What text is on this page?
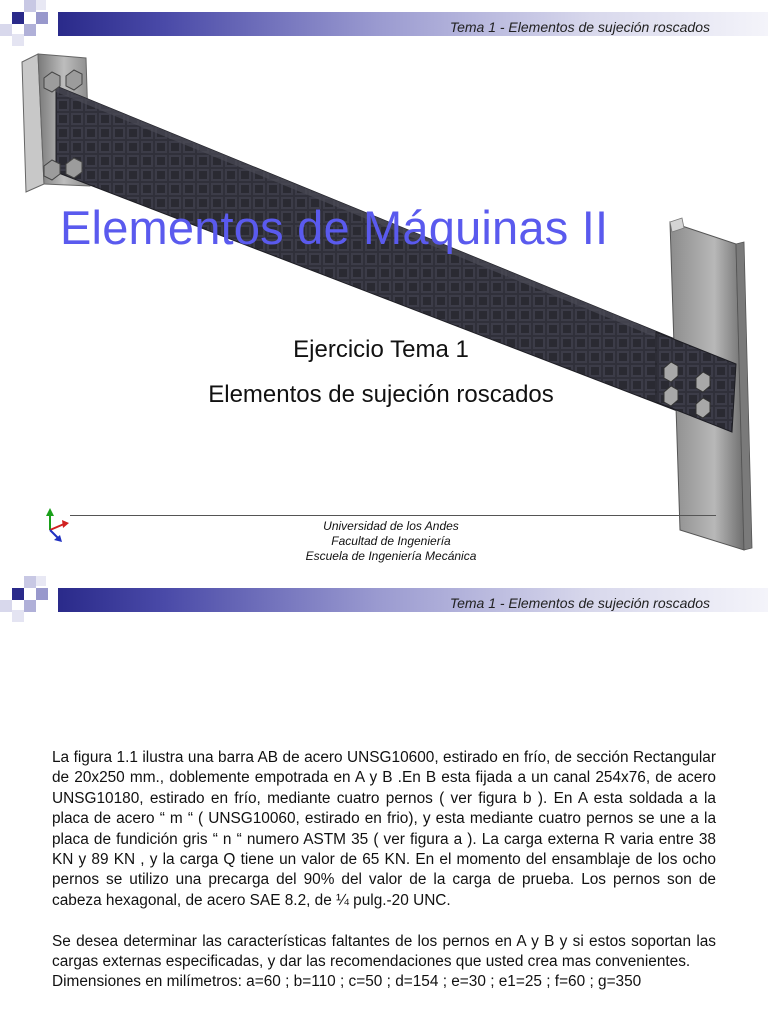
Tema 1 - Elementos de sujeción roscados
Elementos de Máquinas II
Ejercicio Tema 1
Elementos de sujeción roscados
Universidad de los Andes
Facultad de Ingeniería
Escuela de Ingeniería Mecánica
Tema 1 - Elementos de sujeción roscados

La figura 1.1 ilustra una barra AB de acero UNSG10600, estirado en frío, de sección Rectangular de 20x250 mm., doblemente empotrada en A y B .En B esta fijada a un canal 254x76, de acero UNSG10180, estirado en frío, mediante cuatro pernos ( ver figura b ). En A esta soldada a la placa de acero “ m “ ( UNSG10060, estirado en frio), y esta mediante cuatro pernos se une a la placa de fundición gris “ n “ numero ASTM 35 ( ver figura a ). La carga externa R varia entre 38 KN y 89 KN , y la carga Q tiene un valor de 65 KN. En el momento del ensamblaje de los ocho pernos se utilizo una precarga del 90% del valor de la carga de prueba. Los pernos son de cabeza hexagonal, de acero SAE 8.2, de ¼ pulg.-20 UNC.

Se desea determinar las características faltantes de los pernos en A y B y si estos soportan las cargas externas especificadas, y dar las recomendaciones que usted crea mas convenientes.

Dimensiones en milímetros: a=60 ; b=110 ; c=50 ; d=154 ; e=30 ; e1=25 ; f=60 ; g=350
